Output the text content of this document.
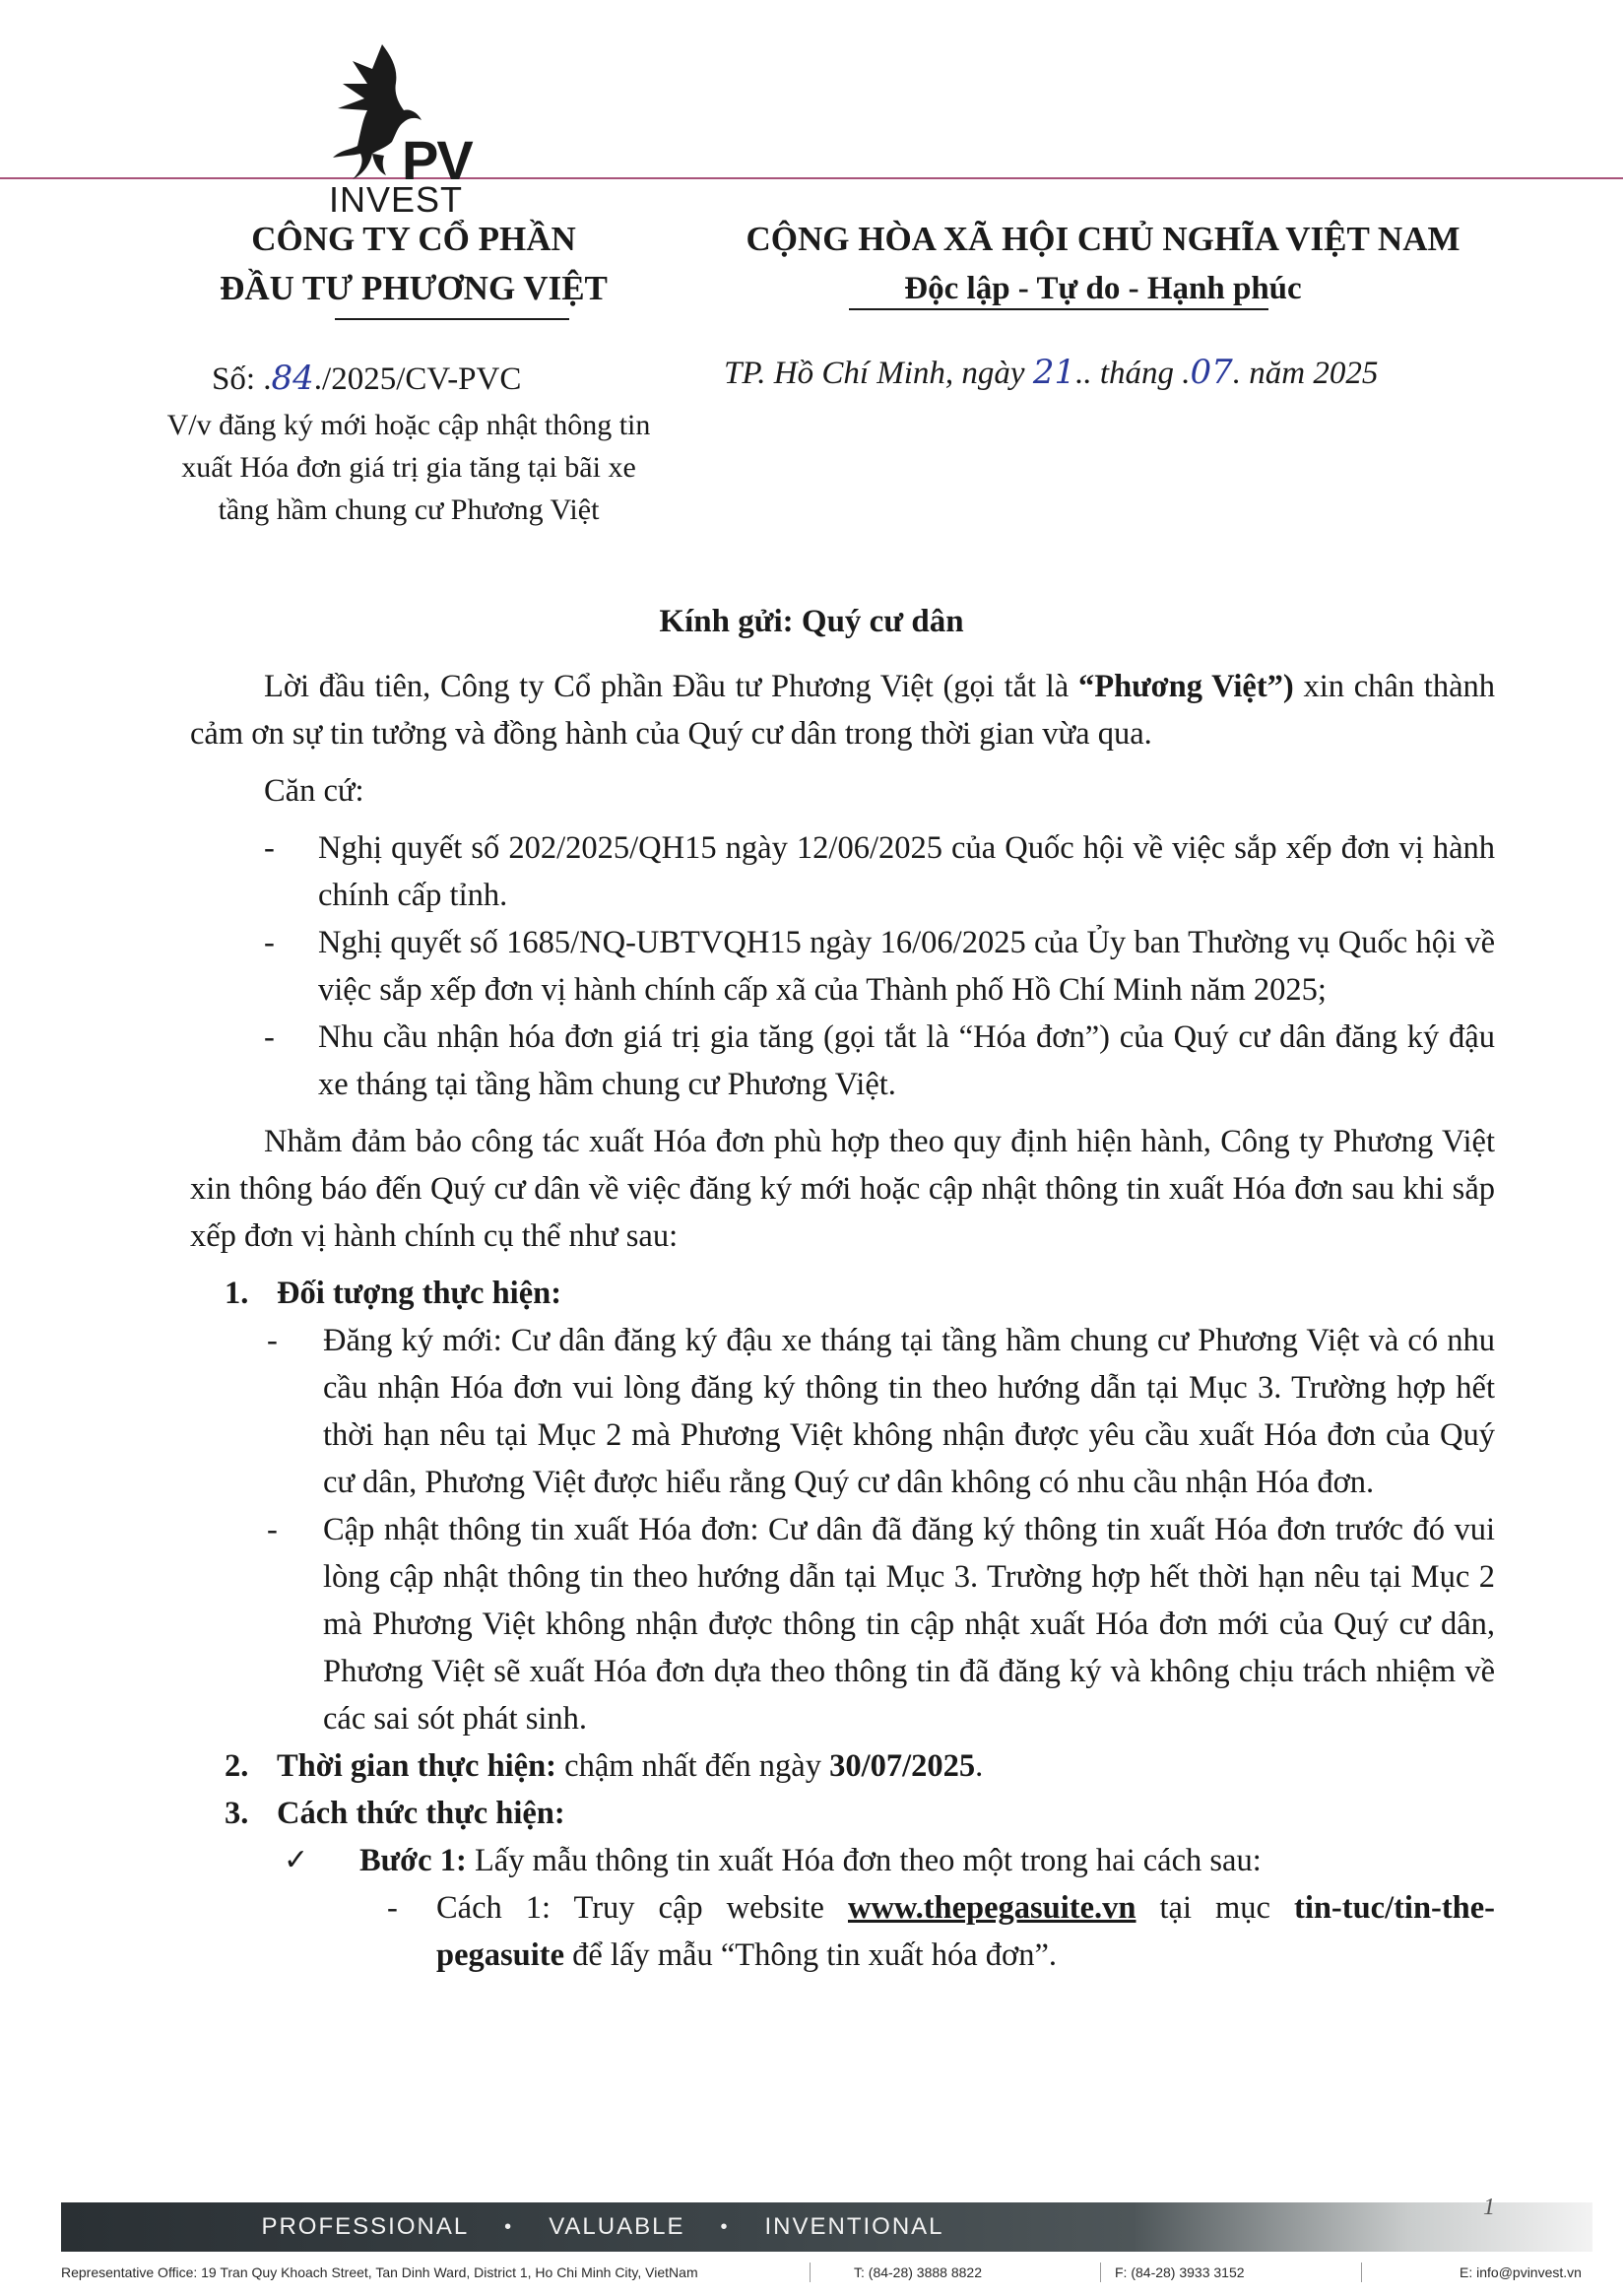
PV
INVEST
CÔNG TY CỔ PHẦN
ĐẦU TƯ PHƯƠNG VIỆT
CỘNG HÒA XÃ HỘI CHỦ NGHĨA VIỆT NAM
Độc lập - Tự do - Hạnh phúc
Số: .84./2025/CV-PVC	TP. Hồ Chí Minh, ngày 21.. tháng .07. năm 2025
V/v đăng ký mới hoặc cập nhật thông tin
xuất Hóa đơn giá trị gia tăng tại bãi xe
tầng hầm chung cư Phương Việt
Kính gửi: Quý cư dân

Lời đầu tiên, Công ty Cổ phần Đầu tư Phương Việt (gọi tắt là “Phương Việt”) xin chân thành cảm ơn sự tin tưởng và đồng hành của Quý cư dân trong thời gian vừa qua.

Căn cứ:

- Nghị quyết số 202/2025/QH15 ngày 12/06/2025 của Quốc hội về việc sắp xếp đơn vị hành chính cấp tỉnh.

- Nghị quyết số 1685/NQ-UBTVQH15 ngày 16/06/2025 của Ủy ban Thường vụ Quốc hội về việc sắp xếp đơn vị hành chính cấp xã của Thành phố Hồ Chí Minh năm 2025;

- Nhu cầu nhận hóa đơn giá trị gia tăng (gọi tắt là “Hóa đơn”) của Quý cư dân đăng ký đậu xe tháng tại tầng hầm chung cư Phương Việt.

Nhằm đảm bảo công tác xuất Hóa đơn phù hợp theo quy định hiện hành, Công ty Phương Việt xin thông báo đến Quý cư dân về việc đăng ký mới hoặc cập nhật thông tin xuất Hóa đơn sau khi sắp xếp đơn vị hành chính cụ thể như sau:

1. Đối tượng thực hiện:

- Đăng ký mới: Cư dân đăng ký đậu xe tháng tại tầng hầm chung cư Phương Việt và có nhu cầu nhận Hóa đơn vui lòng đăng ký thông tin theo hướng dẫn tại Mục 3. Trường hợp hết thời hạn nêu tại Mục 2 mà Phương Việt không nhận được yêu cầu xuất Hóa đơn của Quý cư dân, Phương Việt được hiểu rằng Quý cư dân không có nhu cầu nhận Hóa đơn.

- Cập nhật thông tin xuất Hóa đơn: Cư dân đã đăng ký thông tin xuất Hóa đơn trước đó vui lòng cập nhật thông tin theo hướng dẫn tại Mục 3. Trường hợp hết thời hạn nêu tại Mục 2 mà Phương Việt không nhận được thông tin cập nhật xuất Hóa đơn mới của Quý cư dân, Phương Việt sẽ xuất Hóa đơn dựa theo thông tin đã đăng ký và không chịu trách nhiệm về các sai sót phát sinh.

2. Thời gian thực hiện: chậm nhất đến ngày 30/07/2025.

3. Cách thức thực hiện:

✓ Bước 1: Lấy mẫu thông tin xuất Hóa đơn theo một trong hai cách sau:

- Cách 1: Truy cập website www.thepegasuite.vn tại mục tin-tuc/tin-the-pegasuite để lấy mẫu “Thông tin xuất hóa đơn”.

PROFESSIONAL • VALUABLE • INVENTIONAL
1
Representative Office: 19 Tran Quy Khoach Street, Tan Dinh Ward, District 1, Ho Chi Minh City, VietNam	T: (84-28) 3888 8822	F: (84-28) 3933 3152	E: info@pvinvest.vn
